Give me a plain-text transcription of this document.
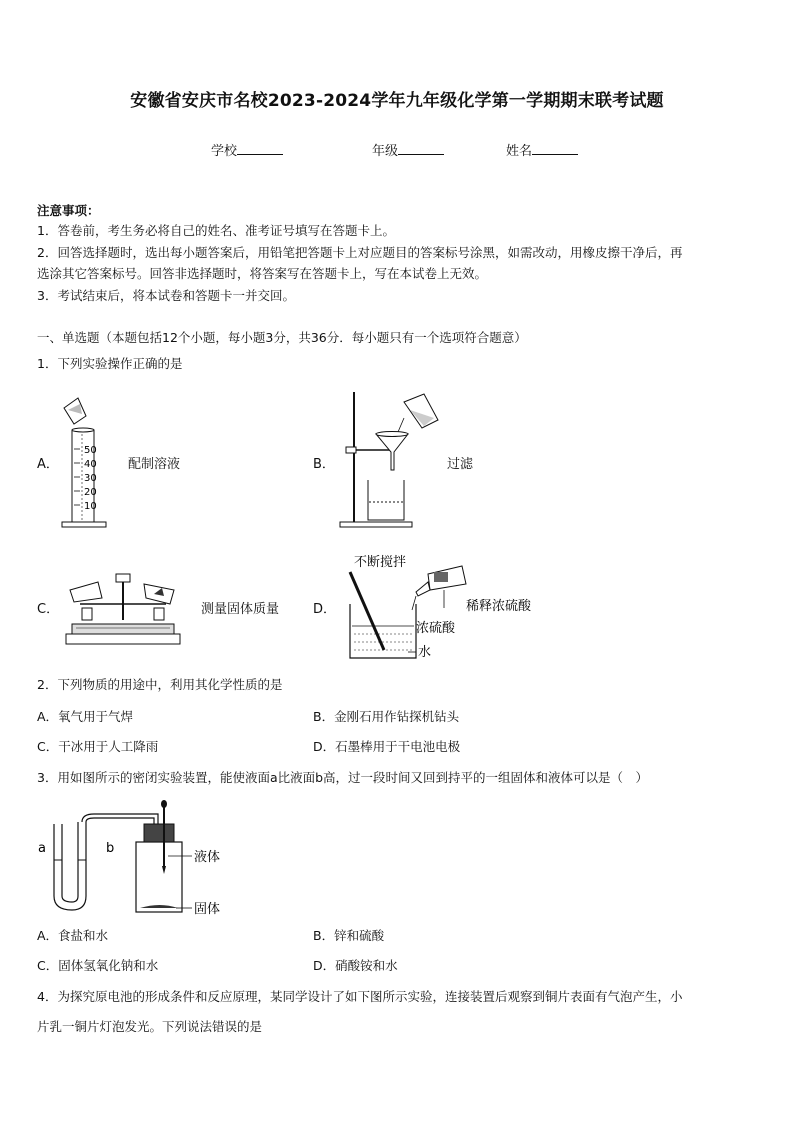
安徽省安庆市名校2023-2024学年九年级化学第一学期期末联考试题
学校	年级	姓名
注意事项：
1．答卷前，考生务必将自己的姓名、准考证号填写在答题卡上。
2．回答选择题时，选出每小题答案后，用铅笔把答题卡上对应题目的答案标号涂黑，如需改动，用橡皮擦干净后，再
选涂其它答案标号。回答非选择题时，将答案写在答题卡上，写在本试卷上无效。
3．考试结束后，将本试卷和答题卡一并交回。
一、单选题（本题包括12个小题，每小题3分，共36分．每小题只有一个选项符合题意）
1．下列实验操作正确的是
A．
50
40
30
20
10
配制溶液	B．	过滤
C．	测量固体质量	D．
不断搅拌
稀释浓硫酸
浓硫酸
水
2．下列物质的用途中，利用其化学性质的是
A．氧气用于气焊	B．金刚石用作钻探机钻头
C．干冰用于人工降雨	D．石墨棒用于干电池电极
3．用如图所示的密闭实验装置，能使液面a比液面b高，过一段时间又回到持平的一组固体和液体可以是（　）
a	b
液体
固体
A．食盐和水	B．锌和硫酸
C．固体氢氧化钠和水	D．硝酸铵和水
4．为探究原电池的形成条件和反应原理，某同学设计了如下图所示实验，连接装置后观察到铜片表面有气泡产生，小
片乳一铜片灯泡发光。下列说法错误的是
